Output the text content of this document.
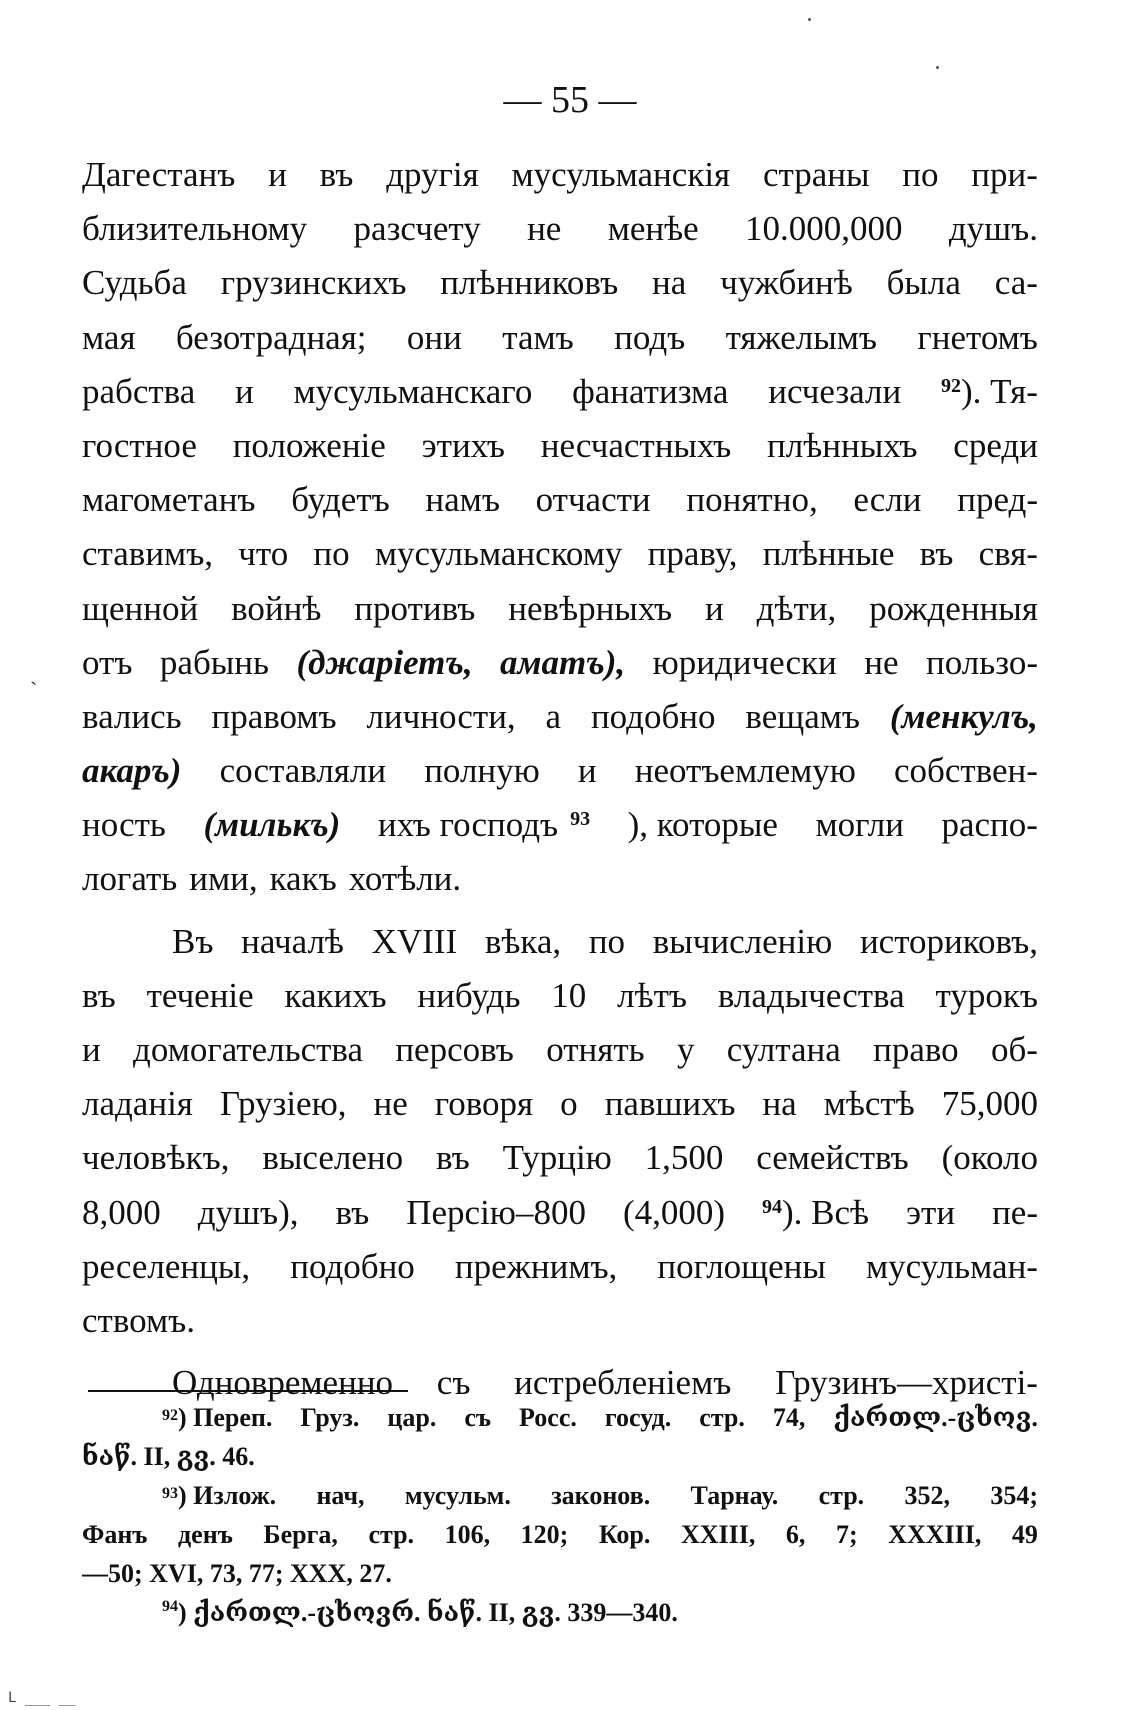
— 55 —
ˎ
Дагестанъ и въ другія мусульманскія страны по при-
близительному разсчету не менѣе 10.000,000 душъ.
Судьба грузинскихъ плѣнниковъ на чужбинѣ была са-
мая безотрадная; они тамъ подъ тяжелымъ гнетомъ
рабства и мусульманскаго фанатизма исчезали $^{92}$). Тя-
гостное положеніе этихъ несчастныхъ плѣнныхъ среди
магометанъ будетъ намъ отчасти понятно, если пред-
ставимъ, что по мусульманскому праву, плѣнные въ свя-
щенной войнѣ противъ невѣрныхъ и дѣти, рожденныя
отъ рабынь (джаріетъ, аматъ), юридически не пользо-
вались правомъ личности, а подобно вещамъ (менкулъ,
акаръ) составляли полную и неотъемлемую собствен-
ность (милькъ) ихъ господъ $^{93}$ ), которые могли распо-
логать ими, какъ хотѣли.
Въ началѣ XVIII вѣка, по вычисленію историковъ,
въ теченіе какихъ нибудь 10 лѣтъ владычества турокъ
и домогательства персовъ отнять у султана право об-
ладанія Грузіею, не говоря о павшихъ на мѣстѣ 75,000
человѣкъ, выселено въ Турцію 1,500 семействъ (около
8,000 душъ), въ Персію–800 (4,000) $^{94}$). Всѣ эти пе-
реселенцы, подобно прежнимъ, поглощены мусульман-
ствомъ.
Одновременно съ истребленіемъ Грузинъ—христі-
$^{92}$) Переп. Груз. цар. съ Росс. госуд. стр. 74, ქართლ.-ცხოვ.
ნაწ. II, გვ. 46.
$^{93}$) Излож. нач, мусульм. законов. Тарнау. стр. 352, 354;
Фанъ денъ Берга, стр. 106, 120; Кор. XXIII, 6, 7; XXXIII, 49
—50; XVI, 73, 77; XXX, 27.
94 ) ქართლ.-ცხოვრ. ნაწ. II, გვ. 339—340.
L ___ __
